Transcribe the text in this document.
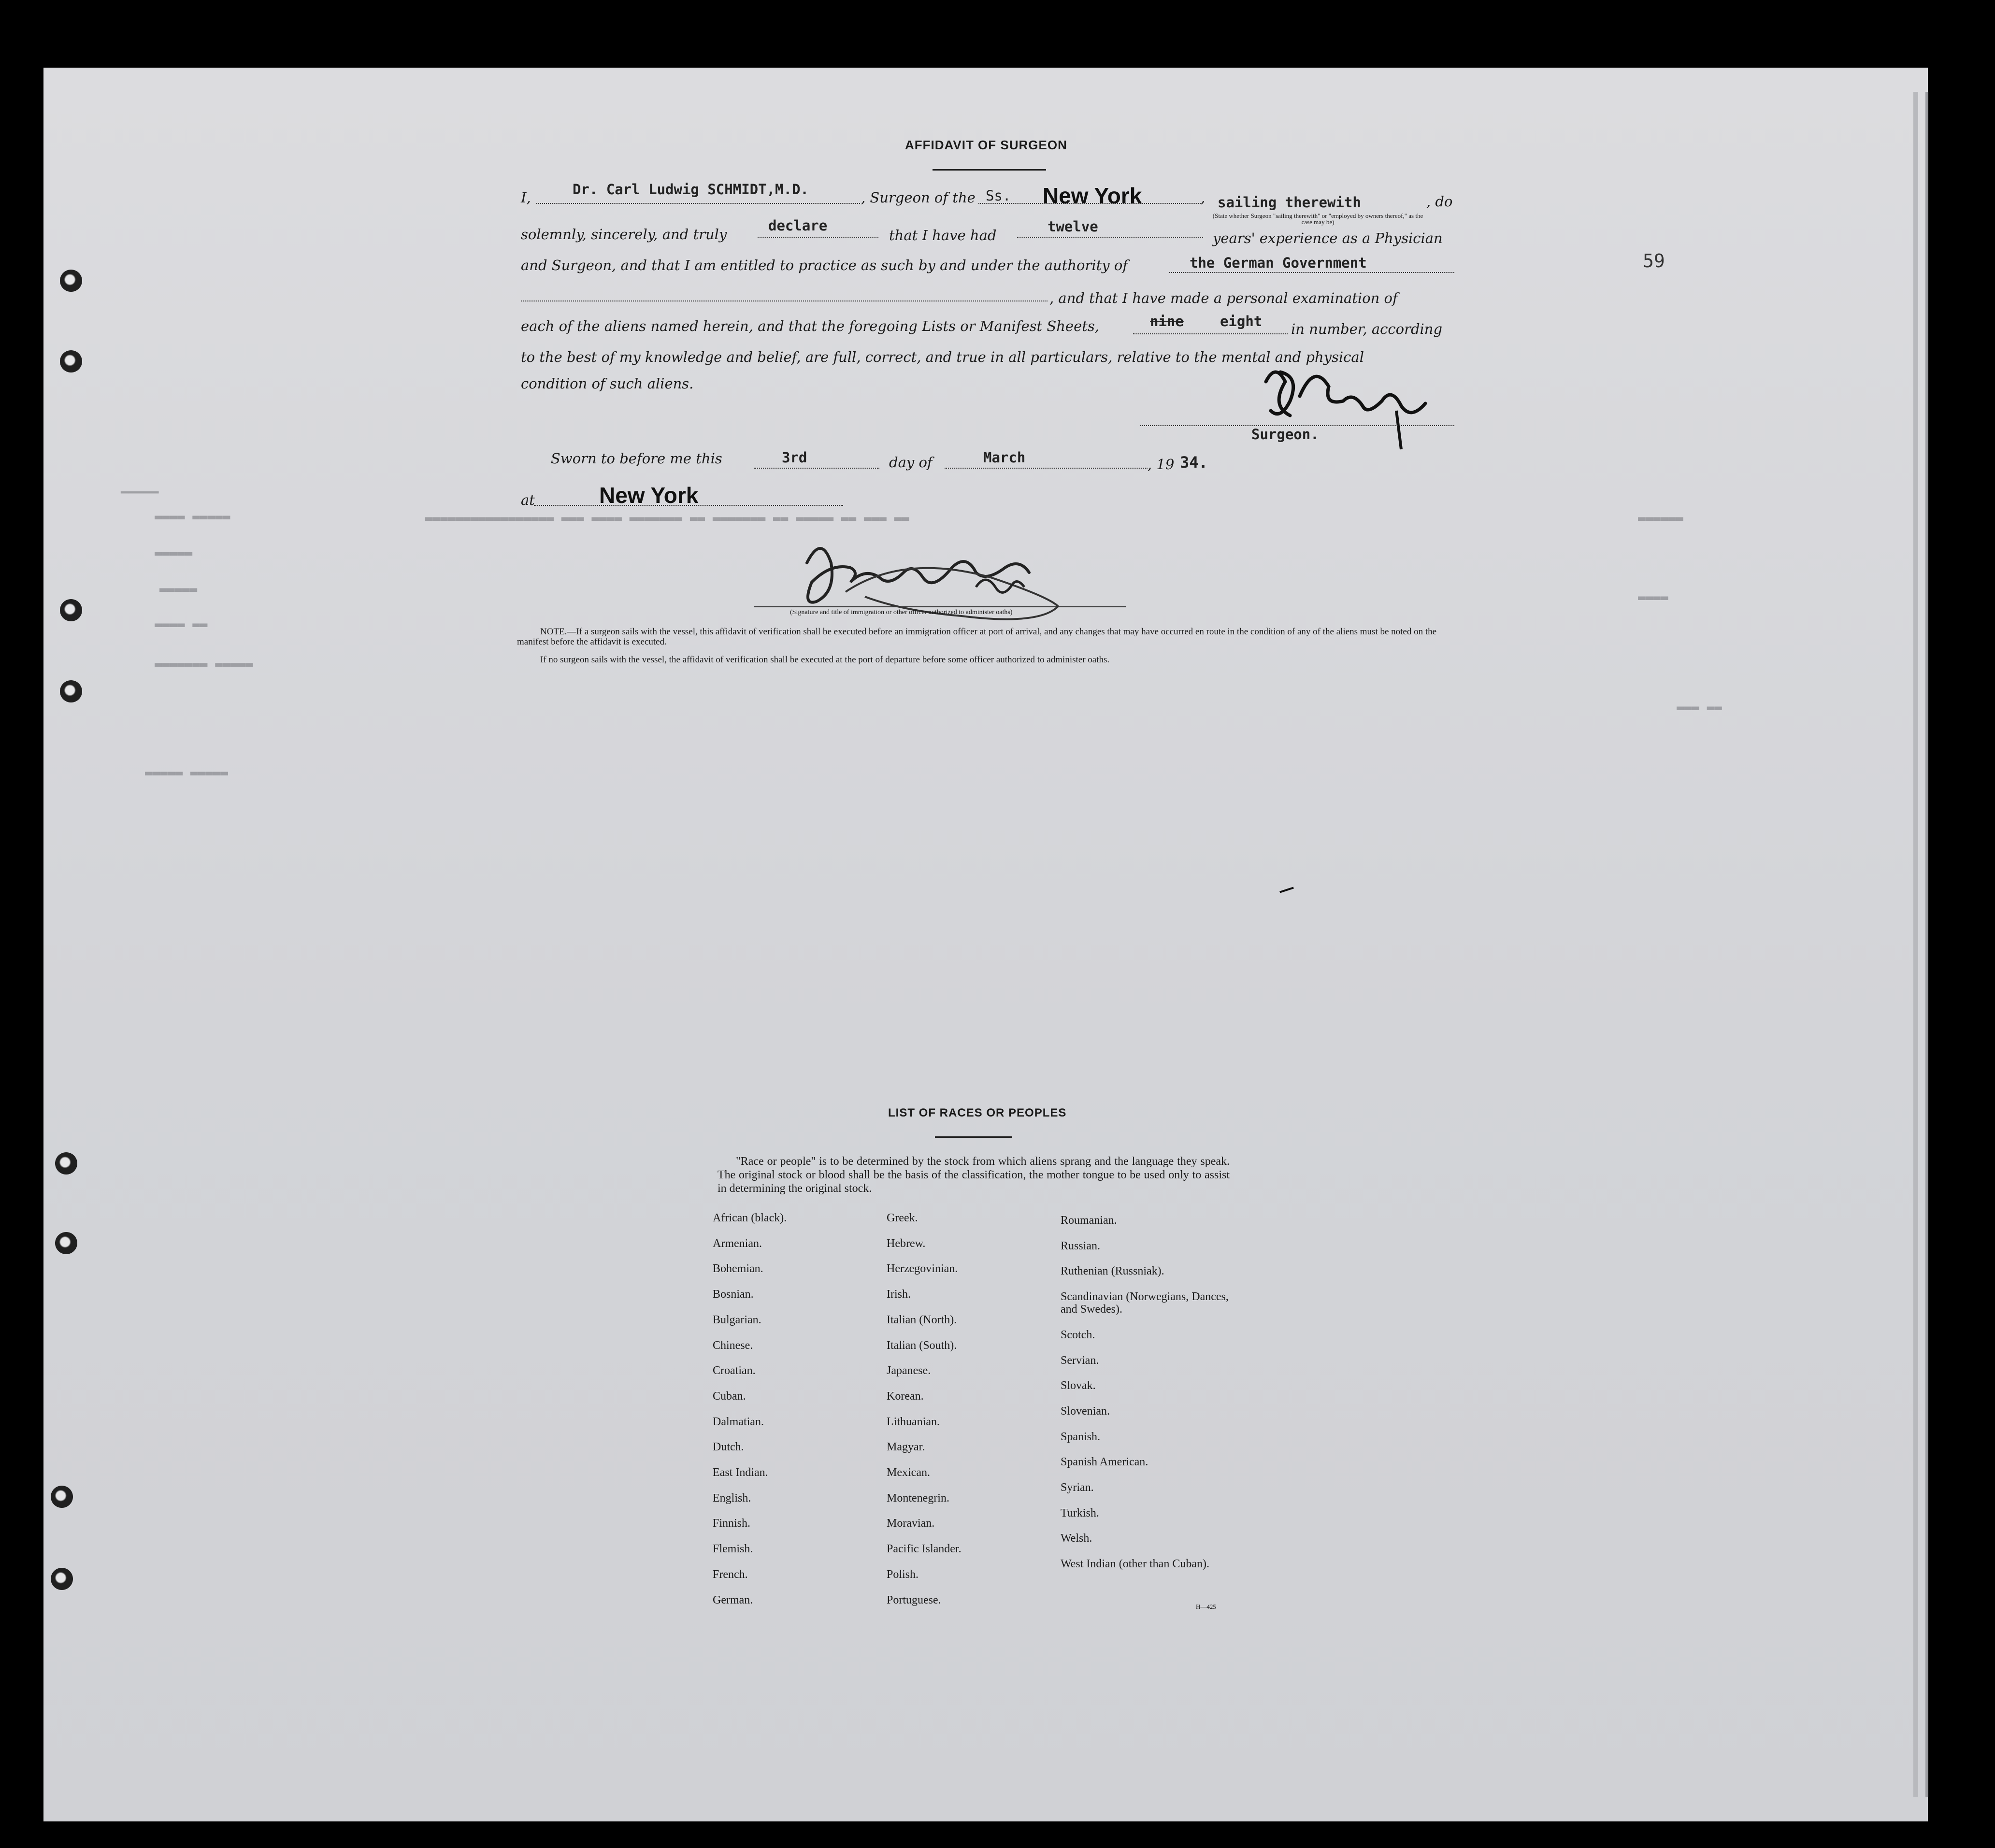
59
━━━━━
▬▬▬▬ ▬▬▬▬▬	▬▬▬▬▬▬▬▬▬▬▬▬▬▬▬▬▬ ▬▬▬ ▬▬▬▬ ▬▬▬▬▬▬▬ ▬▬ ▬▬▬▬▬▬▬ ▬▬ ▬▬▬▬▬ ▬▬ ▬▬▬ ▬▬
▬▬▬▬▬
▬▬▬▬▬
▬▬▬▬ ▬▬
▬▬▬▬▬▬▬ ▬▬▬▬▬
▬▬▬▬▬ ▬▬▬▬▬
▬▬▬▬▬▬
▬▬▬▬
▬▬▬ ▬▬
AFFIDAVIT OF SURGEON
I,	Dr. Carl Ludwig SCHMIDT,M.D.	, Surgeon of the Ss. New York	, sailing therewith	, do
(State whether Surgeon "sailing therewith" or "employed by owners thereof," as the case may be)
solemnly, sincerely, and truly
declare
that I have had
twelve
years' experience as a Physician
and Surgeon, and that I am entitled to practice as such by and under the authority of	the German Government
, and that I have made a personal examination of
each of the aliens named herein, and that the foregoing Lists or Manifest Sheets,	nine	eight in number, according
to the best of my knowledge and belief, are full, correct, and true in all particulars, relative to the mental and physical
condition of such aliens.
Surgeon.
Sworn to before me this	3rd	day of	March	, 19 34.
at	New York
(Signature and title of immigration or other officer authorized to administer oaths)
NOTE.—If a surgeon sails with the vessel, this affidavit of verification shall be executed before an immigration officer at port of arrival, and any changes that may have occurred en route in the condition of any of the aliens must be noted on the manifest before the affidavit is executed.
If no surgeon sails with the vessel, the affidavit of verification shall be executed at the port of departure before some officer authorized to administer oaths.
LIST OF RACES OR PEOPLES
"Race or people" is to be determined by the stock from which aliens sprang and the language they speak. The original stock or blood shall be the basis of the classification, the mother tongue to be used only to assist in determining the original stock.
African (black).
Armenian.
Bohemian.
Bosnian.
Bulgarian.
Chinese.
Croatian.
Cuban.
Dalmatian.
Dutch.
East Indian.
English.
Finnish.
Flemish.
French.
German.
Greek.
Hebrew.
Herzegovinian.
Irish.
Italian (North).
Italian (South).
Japanese.
Korean.
Lithuanian.
Magyar.
Mexican.
Montenegrin.
Moravian.
Pacific Islander.
Polish.
Portuguese.
Roumanian.
Russian.
Ruthenian (Russniak).
Scandinavian (Norwegians, Dances, and Swedes).
Scotch.
Servian.
Slovak.
Slovenian.
Spanish.
Spanish American.
Syrian.
Turkish.
Welsh.
West Indian (other than Cuban).
H—425
